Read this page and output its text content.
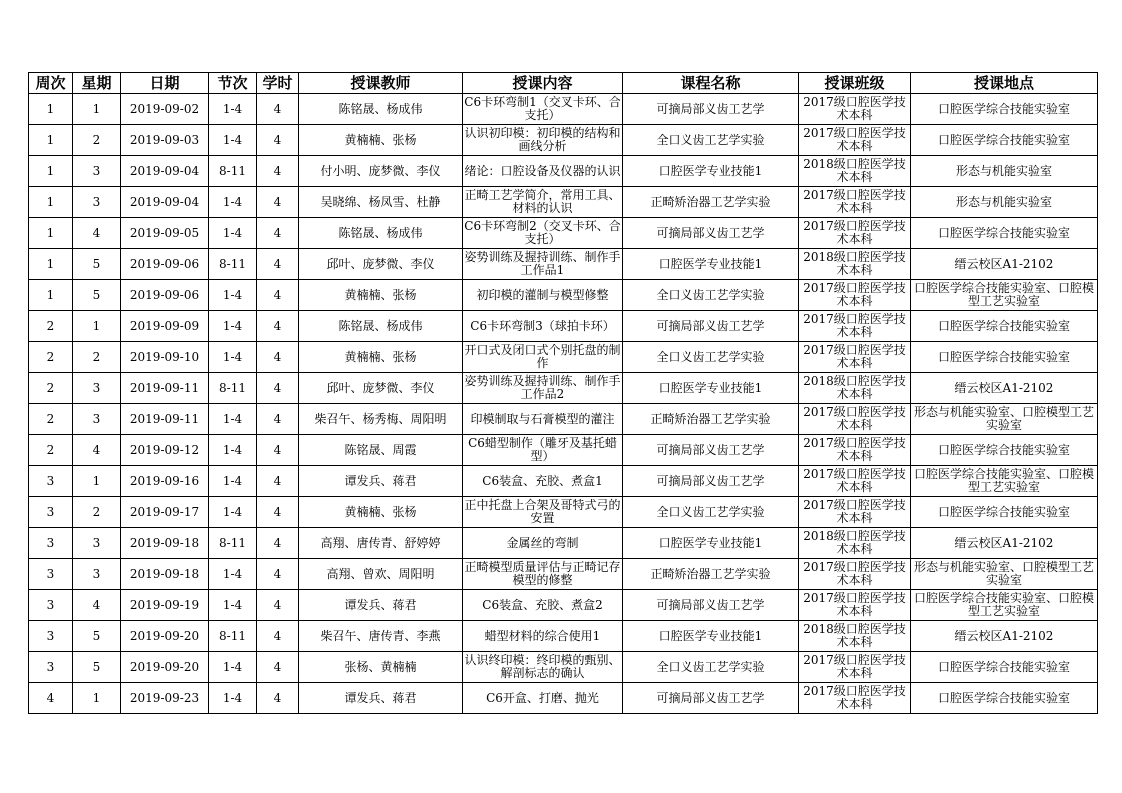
周次	星期	日期	节次	学时	授课教师	授课内容	课程名称	授课班级	授课地点
1	1	2019-09-02	1-4	4	陈铭晟、杨成伟	C6卡环弯制1（交叉卡环、合支托）	可摘局部义齿工艺学	2017级口腔医学技术本科	口腔医学综合技能实验室
1	2	2019-09-03	1-4	4	黄楠楠、张杨	认识初印模：初印模的结构和画线分析	全口义齿工艺学实验	2017级口腔医学技术本科	口腔医学综合技能实验室
1	3	2019-09-04	8-11	4	付小明、庞梦微、李仪	绪论：口腔设备及仪器的认识	口腔医学专业技能1	2018级口腔医学技术本科	形态与机能实验室
1	3	2019-09-04	1-4	4	吴晓绵、杨凤雪、杜静	正畸工艺学简介，常用工具、材料的认识	正畸矫治器工艺学实验	2017级口腔医学技术本科	形态与机能实验室
1	4	2019-09-05	1-4	4	陈铭晟、杨成伟	C6卡环弯制2（交叉卡环、合支托）	可摘局部义齿工艺学	2017级口腔医学技术本科	口腔医学综合技能实验室
1	5	2019-09-06	8-11	4	邱叶、庞梦微、李仪	姿势训练及握持训练、制作手工作品1	口腔医学专业技能1	2018级口腔医学技术本科	缙云校区A1-2102
1	5	2019-09-06	1-4	4	黄楠楠、张杨	初印模的灌制与模型修整	全口义齿工艺学实验	2017级口腔医学技术本科	口腔医学综合技能实验室、口腔模型工艺实验室
2	1	2019-09-09	1-4	4	陈铭晟、杨成伟	C6卡环弯制3（球拍卡环）	可摘局部义齿工艺学	2017级口腔医学技术本科	口腔医学综合技能实验室
2	2	2019-09-10	1-4	4	黄楠楠、张杨	开口式及闭口式个别托盘的制作	全口义齿工艺学实验	2017级口腔医学技术本科	口腔医学综合技能实验室
2	3	2019-09-11	8-11	4	邱叶、庞梦微、李仪	姿势训练及握持训练、制作手工作品2	口腔医学专业技能1	2018级口腔医学技术本科	缙云校区A1-2102
2	3	2019-09-11	1-4	4	柴召午、杨秀梅、周阳明	印模制取与石膏模型的灌注	正畸矫治器工艺学实验	2017级口腔医学技术本科	形态与机能实验室、口腔模型工艺实验室
2	4	2019-09-12	1-4	4	陈铭晟、周霞	C6蜡型制作（雕牙及基托蜡型）	可摘局部义齿工艺学	2017级口腔医学技术本科	口腔医学综合技能实验室
3	1	2019-09-16	1-4	4	谭发兵、蒋君	C6装盒、充胶、煮盒1	可摘局部义齿工艺学	2017级口腔医学技术本科	口腔医学综合技能实验室、口腔模型工艺实验室
3	2	2019-09-17	1-4	4	黄楠楠、张杨	正中托盘上合架及哥特式弓的安置	全口义齿工艺学实验	2017级口腔医学技术本科	口腔医学综合技能实验室
3	3	2019-09-18	8-11	4	高翔、唐传青、舒婷婷	金属丝的弯制	口腔医学专业技能1	2018级口腔医学技术本科	缙云校区A1-2102
3	3	2019-09-18	1-4	4	高翔、曾欢、周阳明	正畸模型质量评估与正畸记存模型的修整	正畸矫治器工艺学实验	2017级口腔医学技术本科	形态与机能实验室、口腔模型工艺实验室
3	4	2019-09-19	1-4	4	谭发兵、蒋君	C6装盒、充胶、煮盒2	可摘局部义齿工艺学	2017级口腔医学技术本科	口腔医学综合技能实验室、口腔模型工艺实验室
3	5	2019-09-20	8-11	4	柴召午、唐传青、李燕	蜡型材料的综合使用1	口腔医学专业技能1	2018级口腔医学技术本科	缙云校区A1-2102
3	5	2019-09-20	1-4	4	张杨、黄楠楠	认识终印模：终印模的甄别、解剖标志的确认	全口义齿工艺学实验	2017级口腔医学技术本科	口腔医学综合技能实验室
4	1	2019-09-23	1-4	4	谭发兵、蒋君	C6开盒、打磨、抛光	可摘局部义齿工艺学	2017级口腔医学技术本科	口腔医学综合技能实验室
